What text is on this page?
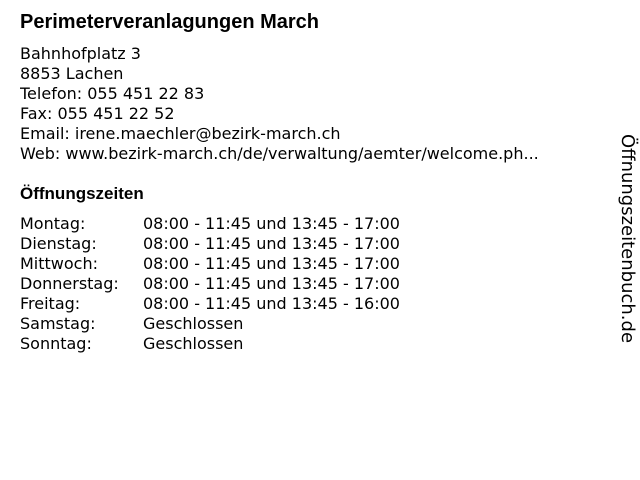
Perimeterveranlagungen March
Bahnhofplatz 3
8853 Lachen
Telefon: 055 451 22 83
Fax: 055 451 22 52
Email: irene.maechler@bezirk-march.ch
Web: www.bezirk-march.ch/de/verwaltung/aemter/welcome.ph...
Öffnungszeiten
Montag:	08:00 - 11:45 und 13:45 - 17:00
Dienstag:	08:00 - 11:45 und 13:45 - 17:00
Mittwoch:	08:00 - 11:45 und 13:45 - 17:00
Donnerstag:	08:00 - 11:45 und 13:45 - 17:00
Freitag:	08:00 - 11:45 und 13:45 - 16:00
Samstag:	Geschlossen
Sonntag:	Geschlossen
Öffnungszeitenbuch.de
